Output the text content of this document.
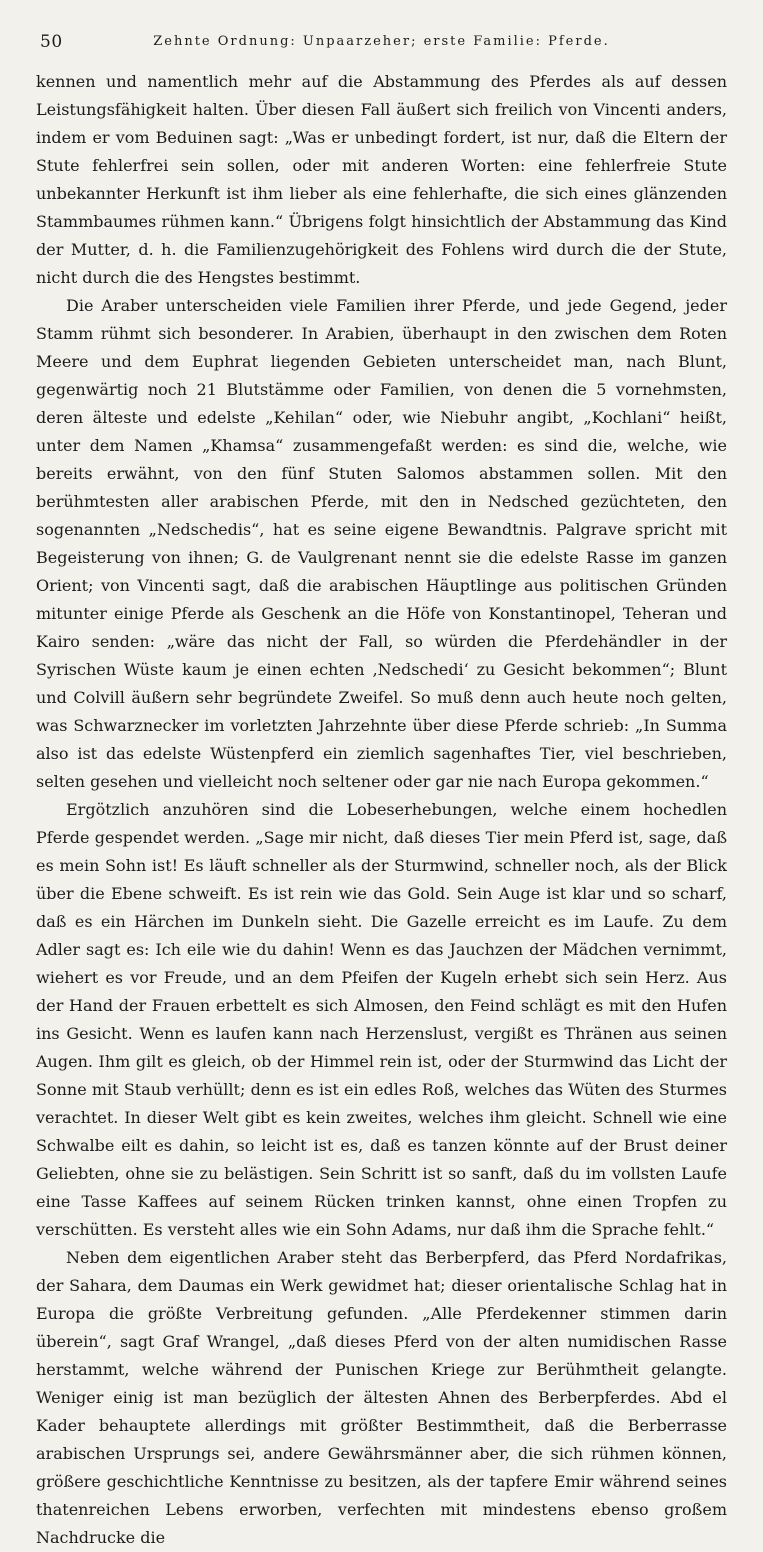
50	Zehnte Ordnung: Unpaarzeher; erste Familie: Pferde.

kennen und namentlich mehr auf die Abstammung des Pferdes als auf dessen Leistungsfähigkeit halten. Über diesen Fall äußert sich freilich von Vincenti anders, indem er vom Beduinen sagt: „Was er unbedingt fordert, ist nur, daß die Eltern der Stute fehlerfrei sein sollen, oder mit anderen Worten: eine fehlerfreie Stute unbekannter Herkunft ist ihm lieber als eine fehlerhafte, die sich eines glänzenden Stammbaumes rühmen kann.“ Übrigens folgt hinsichtlich der Abstammung das Kind der Mutter, d. h. die Familienzugehörigkeit des Fohlens wird durch die der Stute, nicht durch die des Hengstes bestimmt.

Die Araber unterscheiden viele Familien ihrer Pferde, und jede Gegend, jeder Stamm rühmt sich besonderer. In Arabien, überhaupt in den zwischen dem Roten Meere und dem Euphrat liegenden Gebieten unterscheidet man, nach Blunt, gegenwärtig noch 21 Blutstämme oder Familien, von denen die 5 vornehmsten, deren älteste und edelste „Kehilan“ oder, wie Niebuhr angibt, „Kochlani“ heißt, unter dem Namen „Khamsa“ zusammengefaßt werden: es sind die, welche, wie bereits erwähnt, von den fünf Stuten Salomos abstammen sollen. Mit den berühmtesten aller arabischen Pferde, mit den in Nedsched gezüchteten, den sogenannten „Nedschedis“, hat es seine eigene Bewandtnis. Palgrave spricht mit Begeisterung von ihnen; G. de Vaulgrenant nennt sie die edelste Rasse im ganzen Orient; von Vincenti sagt, daß die arabischen Häuptlinge aus politischen Gründen mitunter einige Pferde als Geschenk an die Höfe von Konstantinopel, Teheran und Kairo senden: „wäre das nicht der Fall, so würden die Pferdehändler in der Syrischen Wüste kaum je einen echten ‚Nedschedi‘ zu Gesicht bekommen“; Blunt und Colvill äußern sehr begründete Zweifel. So muß denn auch heute noch gelten, was Schwarznecker im vorletzten Jahrzehnte über diese Pferde schrieb: „In Summa also ist das edelste Wüstenpferd ein ziemlich sagenhaftes Tier, viel beschrieben, selten gesehen und vielleicht noch seltener oder gar nie nach Europa gekommen.“

Ergötzlich anzuhören sind die Lobeserhebungen, welche einem hochedlen Pferde gespendet werden. „Sage mir nicht, daß dieses Tier mein Pferd ist, sage, daß es mein Sohn ist! Es läuft schneller als der Sturmwind, schneller noch, als der Blick über die Ebene schweift. Es ist rein wie das Gold. Sein Auge ist klar und so scharf, daß es ein Härchen im Dunkeln sieht. Die Gazelle erreicht es im Laufe. Zu dem Adler sagt es: Ich eile wie du dahin! Wenn es das Jauchzen der Mädchen vernimmt, wiehert es vor Freude, und an dem Pfeifen der Kugeln erhebt sich sein Herz. Aus der Hand der Frauen erbettelt es sich Almosen, den Feind schlägt es mit den Hufen ins Gesicht. Wenn es laufen kann nach Herzenslust, vergißt es Thränen aus seinen Augen. Ihm gilt es gleich, ob der Himmel rein ist, oder der Sturmwind das Licht der Sonne mit Staub verhüllt; denn es ist ein edles Roß, welches das Wüten des Sturmes verachtet. In dieser Welt gibt es kein zweites, welches ihm gleicht. Schnell wie eine Schwalbe eilt es dahin, so leicht ist es, daß es tanzen könnte auf der Brust deiner Geliebten, ohne sie zu belästigen. Sein Schritt ist so sanft, daß du im vollsten Laufe eine Tasse Kaffees auf seinem Rücken trinken kannst, ohne einen Tropfen zu verschütten. Es versteht alles wie ein Sohn Adams, nur daß ihm die Sprache fehlt.“

Neben dem eigentlichen Araber steht das Berberpferd, das Pferd Nordafrikas, der Sahara, dem Daumas ein Werk gewidmet hat; dieser orientalische Schlag hat in Europa die größte Verbreitung gefunden. „Alle Pferdekenner stimmen darin überein“, sagt Graf Wrangel, „daß dieses Pferd von der alten numidischen Rasse herstammt, welche während der Punischen Kriege zur Berühmtheit gelangte. Weniger einig ist man bezüglich der ältesten Ahnen des Berberpferdes. Abd el Kader behauptete allerdings mit größter Bestimmtheit, daß die Berberrasse arabischen Ursprungs sei, andere Gewährsmänner aber, die sich rühmen können, größere geschichtliche Kenntnisse zu besitzen, als der tapfere Emir während seines thatenreichen Lebens erworben, verfechten mit mindestens ebenso großem Nachdrucke die
